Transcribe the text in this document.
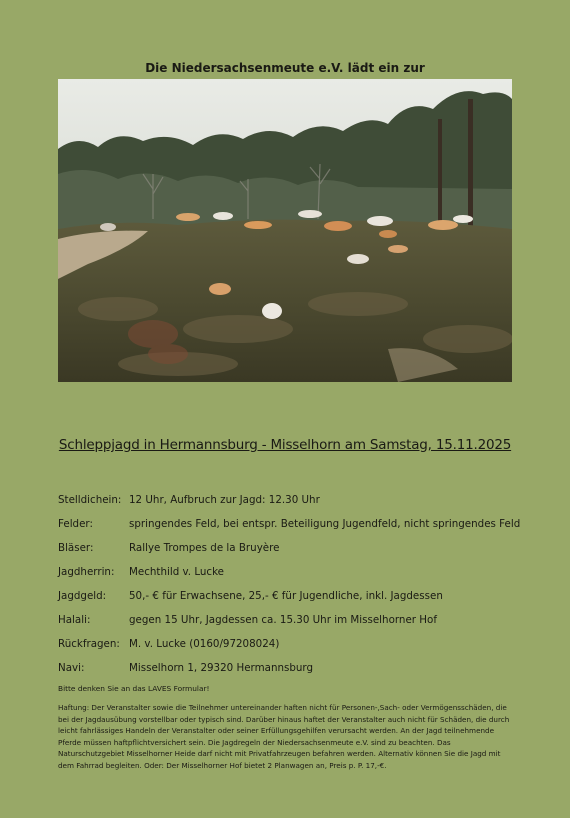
Die Niedersachsenmeute e.V. lädt ein zur
Schleppjagd in Hermannsburg - Misselhorn am Samstag, 15.11.2025
Stelldichein: 12 Uhr, Aufbruch zur Jagd: 12.30 Uhr
Felder:	springendes Feld, bei entspr. Beteiligung Jugendfeld, nicht springendes Feld
Bläser:	Rallye Trompes de la Bruyère
Jagdherrin:	Mechthild v. Lucke
Jagdgeld:	50,- € für Erwachsene, 25,- € für Jugendliche, inkl. Jagdessen
Halali:	gegen 15 Uhr, Jagdessen ca. 15.30 Uhr im Misselhorner Hof
Rückfragen: M. v. Lucke (0160/97208024)
Navi:	Misselhorn 1, 29320 Hermannsburg
Bitte denken Sie an das LAVES Formular!
Haftung: Der Veranstalter sowie die Teilnehmer untereinander haften nicht für Personen-,Sach- oder Vermögensschäden, die bei der Jagdausübung vorstellbar oder typisch sind. Darüber hinaus haftet der Veranstalter auch nicht für Schäden, die durch leicht fahrlässiges Handeln der Veranstalter oder seiner Erfüllungsgehilfen verursacht werden. An der Jagd teilnehmende Pferde müssen haftpflichtversichert sein. Die Jagdregeln der Niedersachsenmeute e.V. sind zu beachten. Das Naturschutzgebiet Misselhorner Heide darf nicht mit Privatfahrzeugen befahren werden. Alternativ können Sie die Jagd mit dem Fahrrad begleiten. Oder: Der Misselhorner Hof bietet 2 Planwagen an, Preis p. P. 17,-€.
